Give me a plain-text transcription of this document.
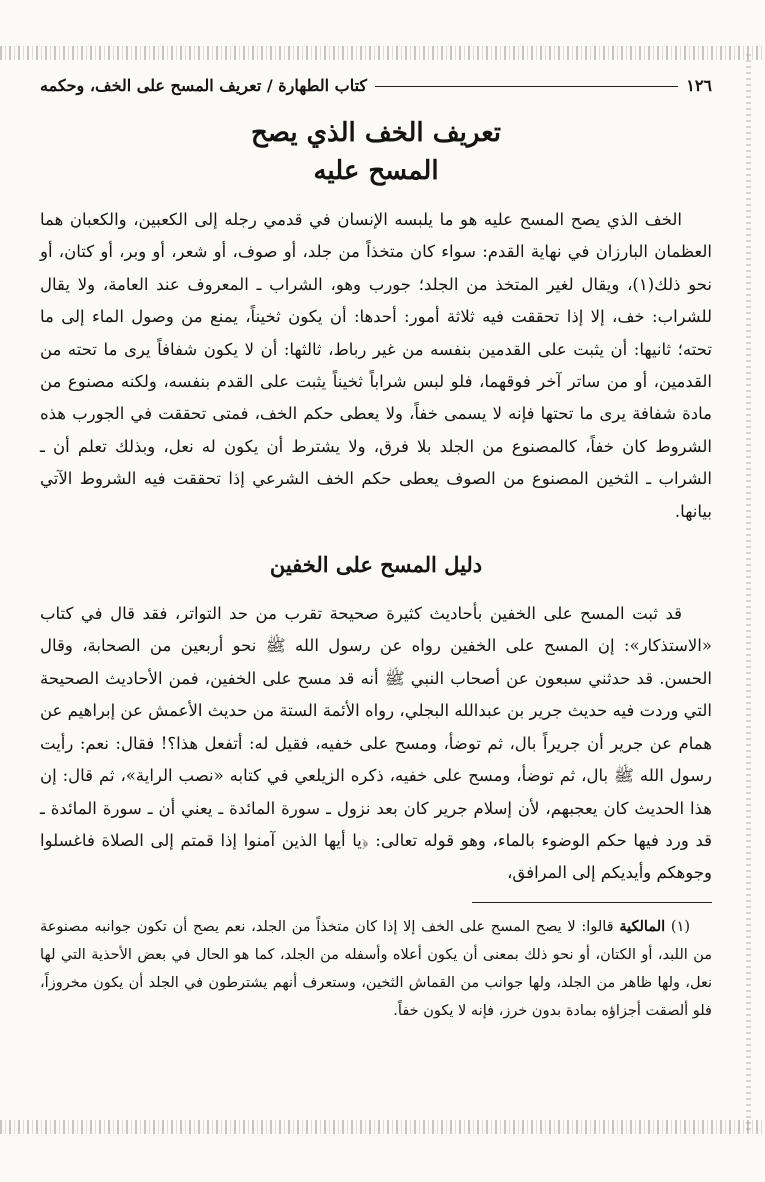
١٢٦
كتاب الطهارة / تعريف المسح على الخف، وحكمه
تعريف الخف الذي يصح
المسح عليه

الخف الذي يصح المسح عليه هو ما يلبسه الإنسان في قدمي رجله إلى الكعبين، والكعبان هما العظمان البارزان في نهاية القدم: سواء كان متخذاً من جلد، أو صوف، أو شعر، أو وبر، أو كتان، أو نحو ذلك(١)، ويقال لغير المتخذ من الجلد؛ جورب وهو، الشراب ـ المعروف عند العامة، ولا يقال للشراب: خف، إلا إذا تحققت فيه ثلاثة أمور: أحدها: أن يكون ثخيناً، يمنع من وصول الماء إلى ما تحته؛ ثانيها: أن يثبت على القدمين بنفسه من غير رباط، ثالثها: أن لا يكون شفافاً يرى ما تحته من القدمين، أو من ساتر آخر فوقهما، فلو لبس شراباً ثخيناً يثبت على القدم بنفسه، ولكنه مصنوع من مادة شفافة يرى ما تحتها فإنه لا يسمى خفاً، ولا يعطى حكم الخف، فمتى تحققت في الجورب هذه الشروط كان خفاً، كالمصنوع من الجلد بلا فرق، ولا يشترط أن يكون له نعل، وبذلك تعلم أن ـ الشراب ـ الثخين المصنوع من الصوف يعطى حكم الخف الشرعي إذا تحققت فيه الشروط الآتي بيانها.

دليل المسح على الخفين

قد ثبت المسح على الخفين بأحاديث كثيرة صحيحة تقرب من حد التواتر، فقد قال في كتاب «الاستذكار»: إن المسح على الخفين رواه عن رسول الله ﷺ نحو أربعين من الصحابة، وقال الحسن. قد حدثني سبعون عن أصحاب النبي ﷺ أنه قد مسح على الخفين، فمن الأحاديث الصحيحة التي وردت فيه حديث جرير بن عبدالله البجلي، رواه الأئمة الستة من حديث الأعمش عن إبراهيم عن همام عن جرير أن جريراً بال، ثم توضأ، ومسح على خفيه، فقيل له: أتفعل هذا؟! فقال: نعم: رأيت رسول الله ﷺ بال، ثم توضأ، ومسح على خفيه، ذكره الزيلعي في كتابه «نصب الراية»، ثم قال: إن هذا الحديث كان يعجبهم، لأن إسلام جرير كان بعد نزول ـ سورة المائدة ـ يعني أن ـ سورة المائدة ـ قد ورد فيها حكم الوضوء بالماء، وهو قوله تعالى: ﴿يا أيها الذين آمنوا إذا قمتم إلى الصلاة فاغسلوا وجوهكم وأيديكم إلى المرافق،

(١) المالكية قالوا: لا يصح المسح على الخف إلا إذا كان متخذاً من الجلد، نعم يصح أن تكون جوانبه مصنوعة من اللبد، أو الكتان، أو نحو ذلك بمعنى أن يكون أعلاه وأسفله من الجلد، كما هو الحال في بعض الأحذية التي لها نعل، ولها ظاهر من الجلد، ولها جوانب من القماش الثخين، وستعرف أنهم يشترطون في الجلد أن يكون مخروزاً، فلو ألصقت أجزاؤه بمادة بدون خرز، فإنه لا يكون خفاً.
